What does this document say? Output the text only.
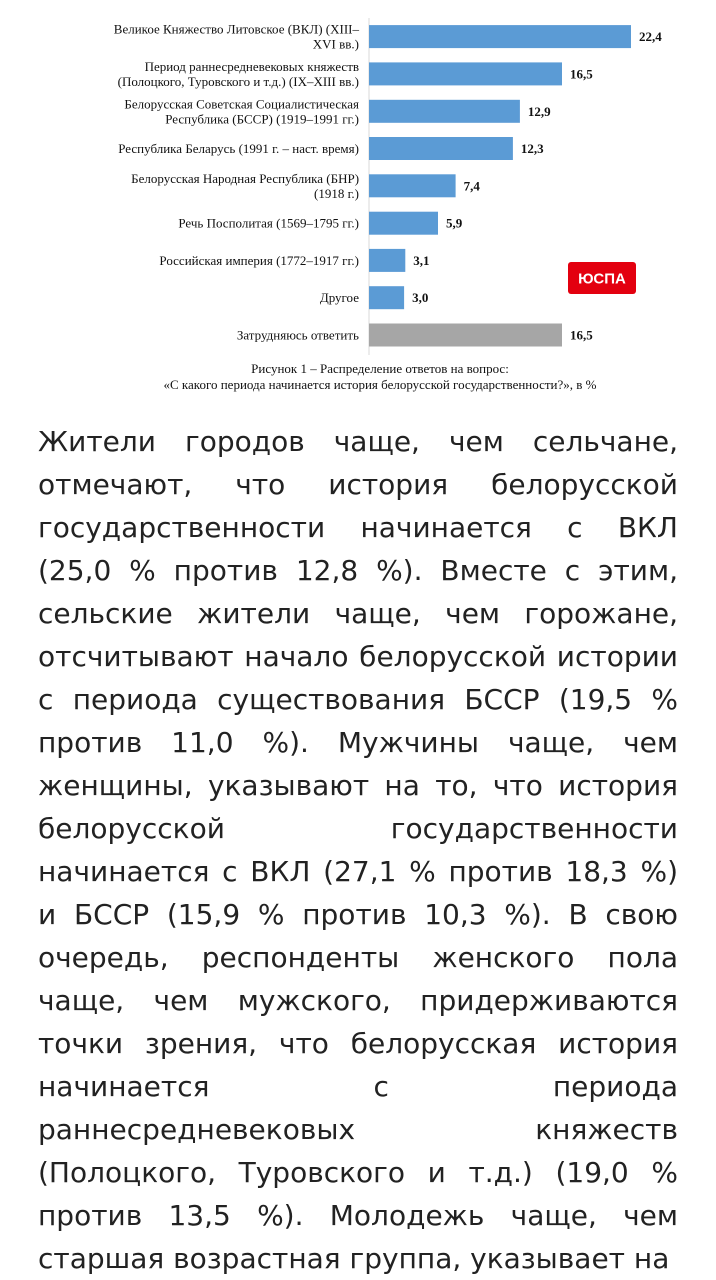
22,4
Великое Княжество Литовское (ВКЛ) (XIII– XVI вв.)
16,5
Период раннесредневековых княжеств (Полоцкого, Туровского и т.д.) (IX–XIII вв.)
12,9
Белорусская Советская Социалистическая Республика (БССР) (1919–1991 гг.)
12,3
Республика Беларусь (1991 г. – наст. время)
7,4
Белорусская Народная Республика (БНР) (1918 г.)
5,9
Речь Посполитая (1569–1795 гг.)
3,1
Российская империя (1772–1917 гг.)
3,0
Другое
16,5
Затрудняюсь ответить
ЮСПА
Рисунок 1 – Распределение ответов на вопрос:
«С какого периода начинается история белорусской государственности?», в %

Жители городов чаще, чем сельчане, отмечают, что история белорусской государственности начинается с ВКЛ (25,0 % против 12,8 %). Вместе с этим, сельские жители чаще, чем горожане, отсчитывают начало белорусской истории с периода существования БССР (19,5 % против 11,0 %). Мужчины чаще, чем женщины, указывают на то, что история белорусской государственности начинается с ВКЛ (27,1 % против 18,3 %) и БССР (15,9 % против 10,3 %). В свою очередь, респонденты женского пола чаще, чем мужского, придерживаются точки зрения, что белорусская история начинается с периода раннесредневековых княжеств (Полоцкого, Туровского и т.д.) (19,0 % против 13,5 %). Молодежь чаще, чем старшая возрастная группа, указывает на
